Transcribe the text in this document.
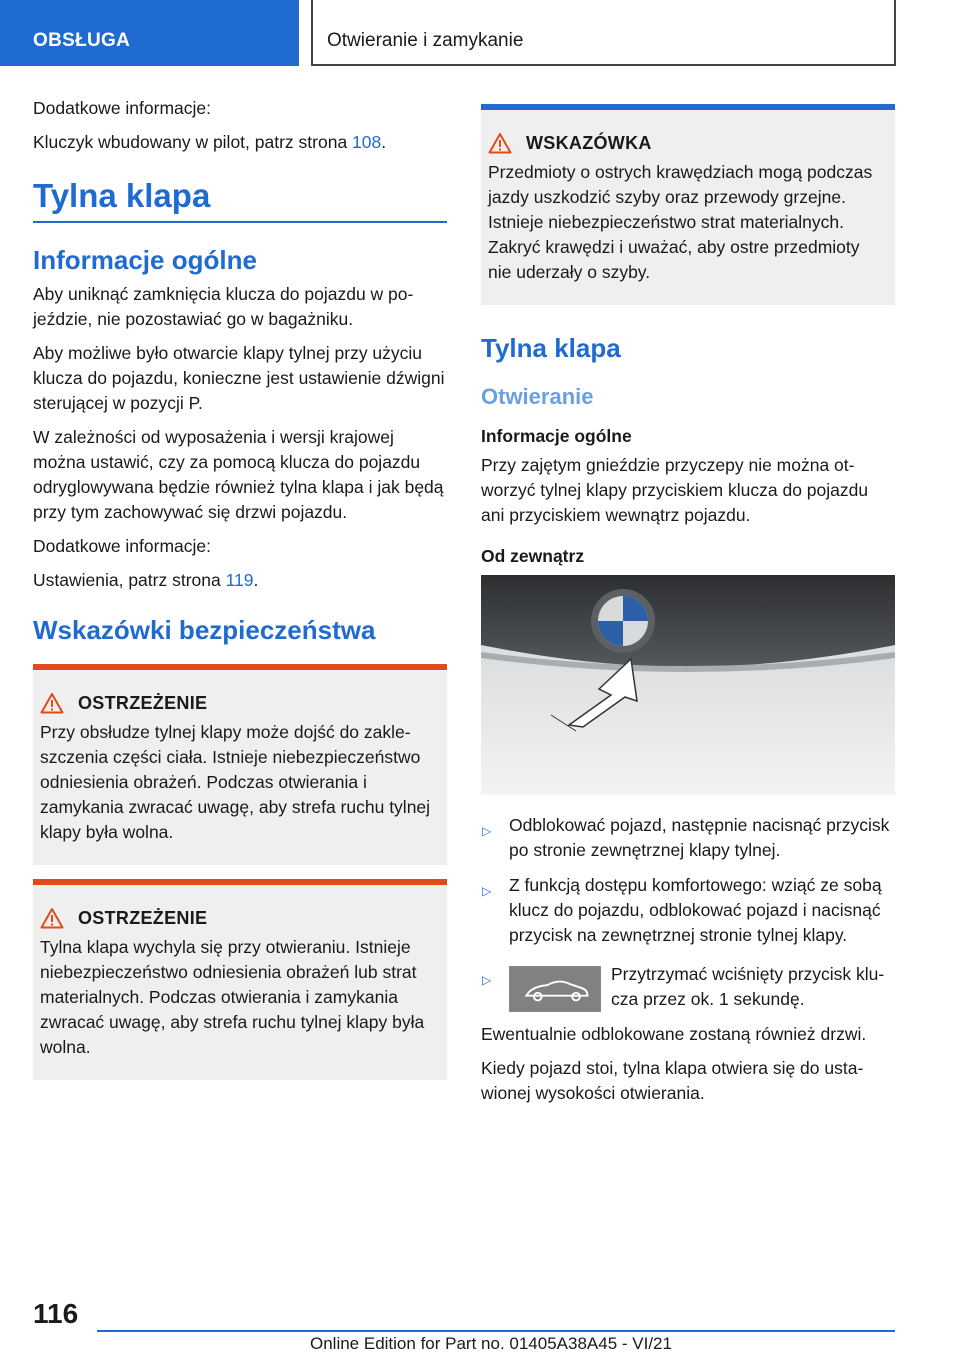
OBSŁUGA	Otwieranie i zamykanie

Dodatkowe informacje:

Kluczyk wbudowany w pilot, patrz strona 108.

Tylna klapa
Informacje ogólne

Aby uniknąć zamknięcia klucza do pojazdu w pojeździe, nie pozostawiać go w bagażniku.

Aby możliwe było otwarcie klapy tylnej przy użyciu klucza do pojazdu, konieczne jest ustawienie dźwigni sterującej w pozycji P.

W zależności od wyposażenia i wersji krajowej można ustawić, czy za pomocą klucza do pojazdu odryglowywana będzie również tylna klapa i jak będą przy tym zachowywać się drzwi pojazdu.

Dodatkowe informacje:

Ustawienia, patrz strona 119.

Wskazówki bezpieczeństwa
OSTRZEŻENIE

Przy obsłudze tylnej klapy może dojść do zakleszczenia części ciała. Istnieje niebezpieczeństwo odniesienia obrażeń. Podczas otwierania i zamykania zwracać uwagę, aby strefa ruchu tylnej klapy była wolna.

OSTRZEŻENIE

Tylna klapa wychyla się przy otwieraniu. Istnieje niebezpieczeństwo odniesienia obrażeń lub strat materialnych. Podczas otwierania i zamykania zwracać uwagę, aby strefa ruchu tylnej klapy była wolna.

WSKAZÓWKA

Przedmioty o ostrych krawędziach mogą podczas jazdy uszkodzić szyby oraz przewody grzejne. Istnieje niebezpieczeństwo strat materialnych. Zakryć krawędzi i uważać, aby ostre przedmioty nie uderzały o szyby.

Tylna klapa
Otwieranie
Informacje ogólne

Przy zajętym gnieździe przyczepy nie można otworzyć tylnej klapy przyciskiem klucza do pojazdu ani przyciskiem wewnątrz pojazdu.

Od zewnątrz
▷	Odblokować pojazd, następnie nacisnąć przycisk po stronie zewnętrznej klapy tylnej.
▷	Z funkcją dostępu komfortowego: wziąć ze sobą klucz do pojazdu, odblokować pojazd i nacisnąć przycisk na zewnętrznej stronie tylnej klapy.
▷	Przytrzymać wciśnięty przycisk klucza przez ok. 1 sekundę.

Ewentualnie odblokowane zostaną również drzwi.

Kiedy pojazd stoi, tylna klapa otwiera się do ustawionej wysokości otwierania.

116
Online Edition for Part no. 01405A38A45 - VI/21
